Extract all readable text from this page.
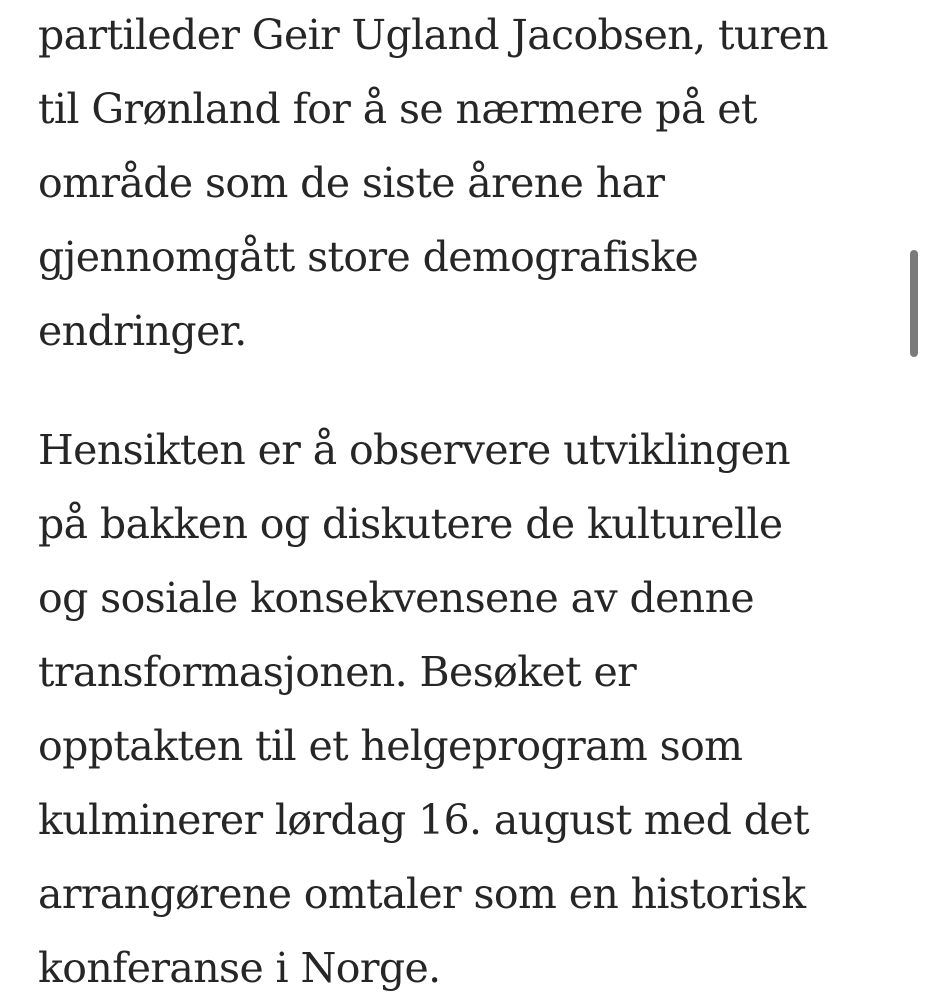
partileder Geir Ugland Jacobsen, turen
til Grønland for å se nærmere på et
område som de siste årene har
gjennomgått store demografiske
endringer.
Hensikten er å observere utviklingen
på bakken og diskutere de kulturelle
og sosiale konsekvensene av denne
transformasjonen. Besøket er
opptakten til et helgeprogram som
kulminerer lørdag 16. august med det
arrangørene omtaler som en historisk
konferanse i Norge.
